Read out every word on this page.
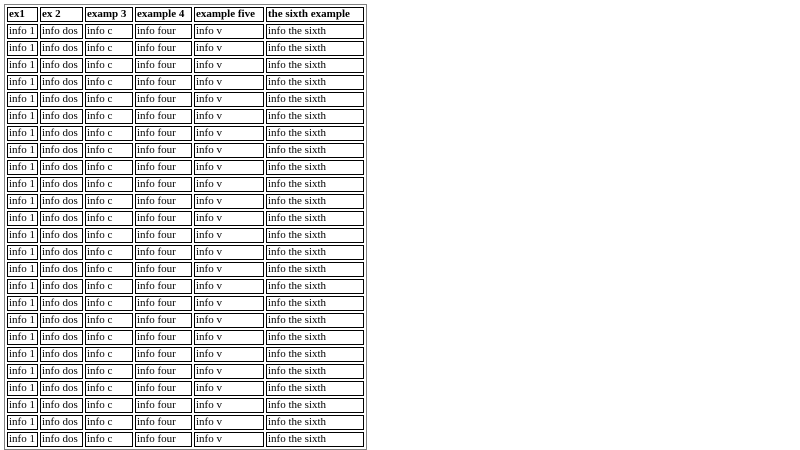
ex1	ex 2	examp 3	example 4	example five	the sixth example
info 1	info dos	info c	info four	info v	info the sixth
info 1	info dos	info c	info four	info v	info the sixth
info 1	info dos	info c	info four	info v	info the sixth
info 1	info dos	info c	info four	info v	info the sixth
info 1	info dos	info c	info four	info v	info the sixth
info 1	info dos	info c	info four	info v	info the sixth
info 1	info dos	info c	info four	info v	info the sixth
info 1	info dos	info c	info four	info v	info the sixth
info 1	info dos	info c	info four	info v	info the sixth
info 1	info dos	info c	info four	info v	info the sixth
info 1	info dos	info c	info four	info v	info the sixth
info 1	info dos	info c	info four	info v	info the sixth
info 1	info dos	info c	info four	info v	info the sixth
info 1	info dos	info c	info four	info v	info the sixth
info 1	info dos	info c	info four	info v	info the sixth
info 1	info dos	info c	info four	info v	info the sixth
info 1	info dos	info c	info four	info v	info the sixth
info 1	info dos	info c	info four	info v	info the sixth
info 1	info dos	info c	info four	info v	info the sixth
info 1	info dos	info c	info four	info v	info the sixth
info 1	info dos	info c	info four	info v	info the sixth
info 1	info dos	info c	info four	info v	info the sixth
info 1	info dos	info c	info four	info v	info the sixth
info 1	info dos	info c	info four	info v	info the sixth
info 1	info dos	info c	info four	info v	info the sixth
